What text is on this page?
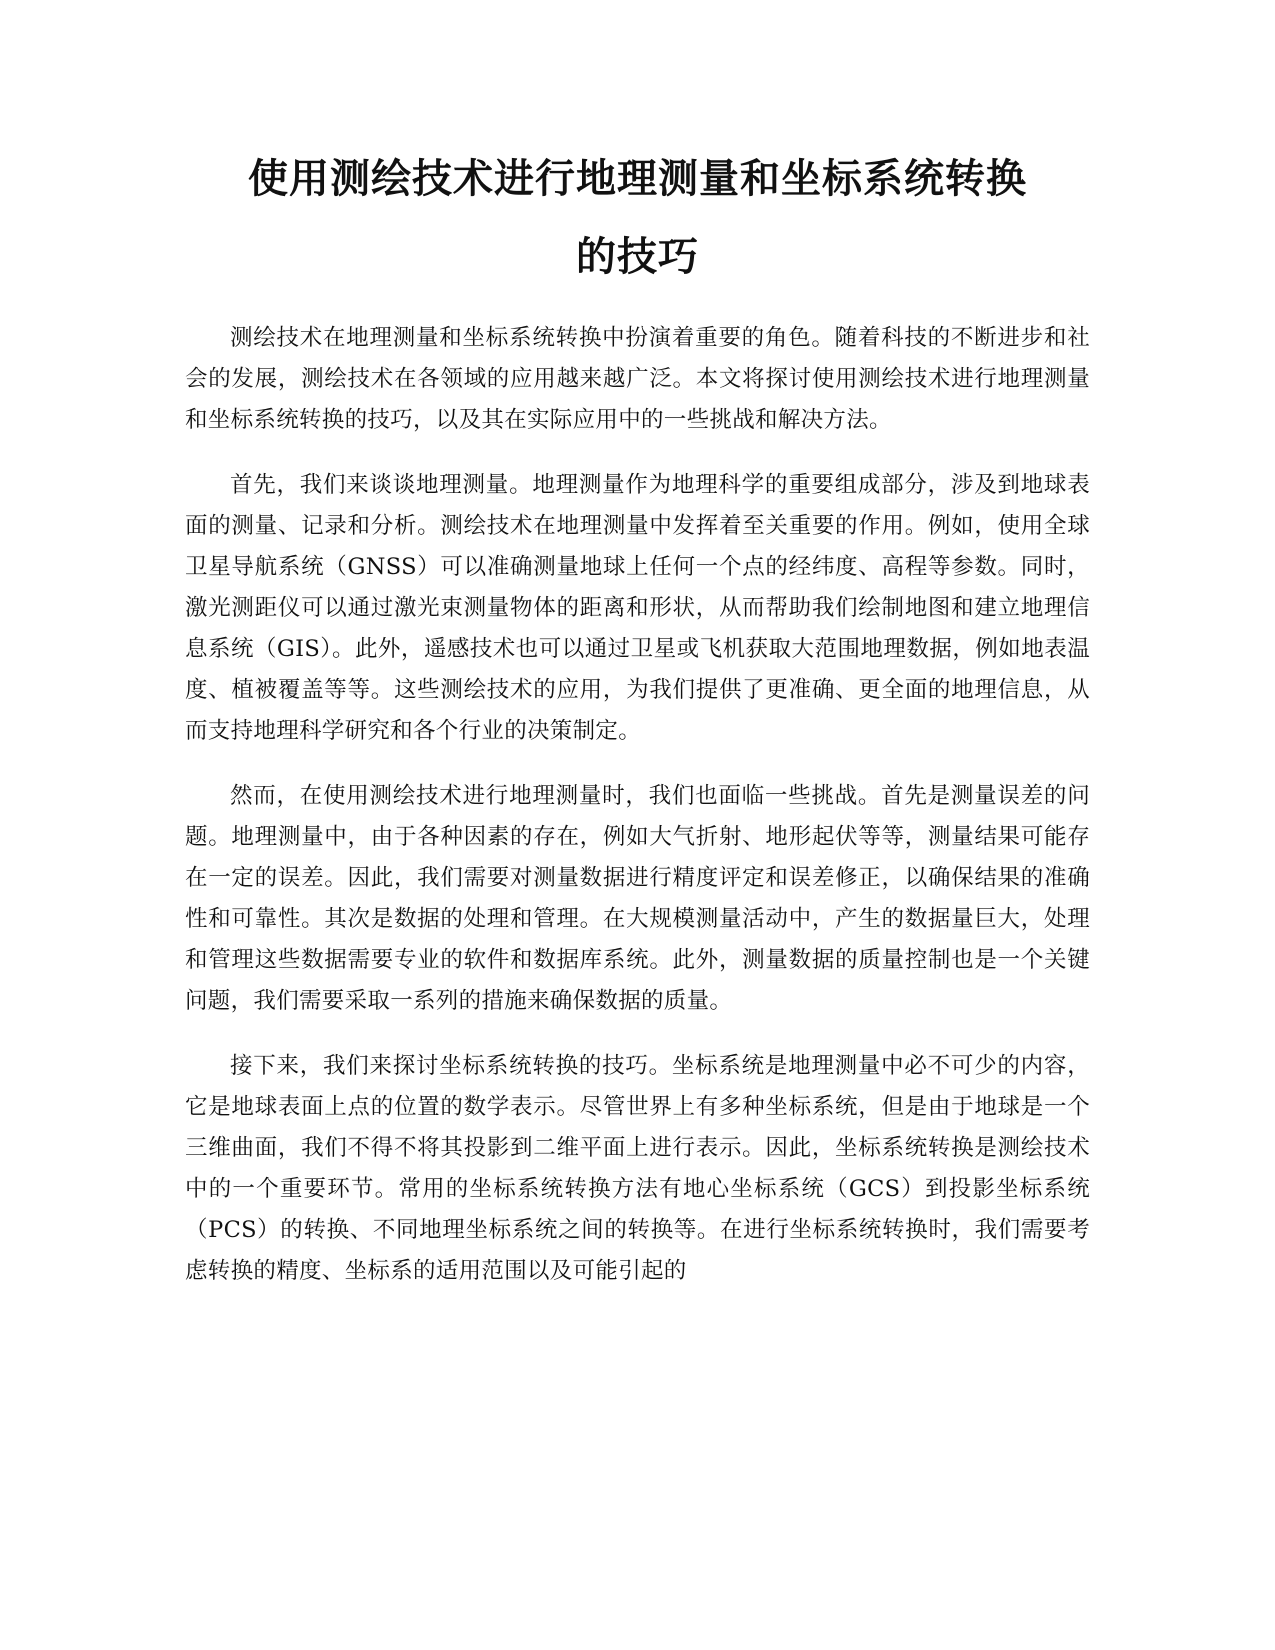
使用测绘技术进行地理测量和坐标系统转换
的技巧

测绘技术在地理测量和坐标系统转换中扮演着重要的角色。随着科技的不断进步和社会的发展，测绘技术在各领域的应用越来越广泛。本文将探讨使用测绘技术进行地理测量和坐标系统转换的技巧，以及其在实际应用中的一些挑战和解决方法。

首先，我们来谈谈地理测量。地理测量作为地理科学的重要组成部分，涉及到地球表面的测量、记录和分析。测绘技术在地理测量中发挥着至关重要的作用。例如，使用全球卫星导航系统（GNSS）可以准确测量地球上任何一个点的经纬度、高程等参数。同时，激光测距仪可以通过激光束测量物体的距离和形状，从而帮助我们绘制地图和建立地理信息系统（GIS）。此外，遥感技术也可以通过卫星或飞机获取大范围地理数据，例如地表温度、植被覆盖等等。这些测绘技术的应用，为我们提供了更准确、更全面的地理信息，从而支持地理科学研究和各个行业的决策制定。

然而，在使用测绘技术进行地理测量时，我们也面临一些挑战。首先是测量误差的问题。地理测量中，由于各种因素的存在，例如大气折射、地形起伏等等，测量结果可能存在一定的误差。因此，我们需要对测量数据进行精度评定和误差修正，以确保结果的准确性和可靠性。其次是数据的处理和管理。在大规模测量活动中，产生的数据量巨大，处理和管理这些数据需要专业的软件和数据库系统。此外，测量数据的质量控制也是一个关键问题，我们需要采取一系列的措施来确保数据的质量。

接下来，我们来探讨坐标系统转换的技巧。坐标系统是地理测量中必不可少的内容，它是地球表面上点的位置的数学表示。尽管世界上有多种坐标系统，但是由于地球是一个三维曲面，我们不得不将其投影到二维平面上进行表示。因此，坐标系统转换是测绘技术中的一个重要环节。常用的坐标系统转换方法有地心坐标系统（GCS）到投影坐标系统（PCS）的转换、不同地理坐标系统之间的转换等。在进行坐标系统转换时，我们需要考虑转换的精度、坐标系的适用范围以及可能引起的
